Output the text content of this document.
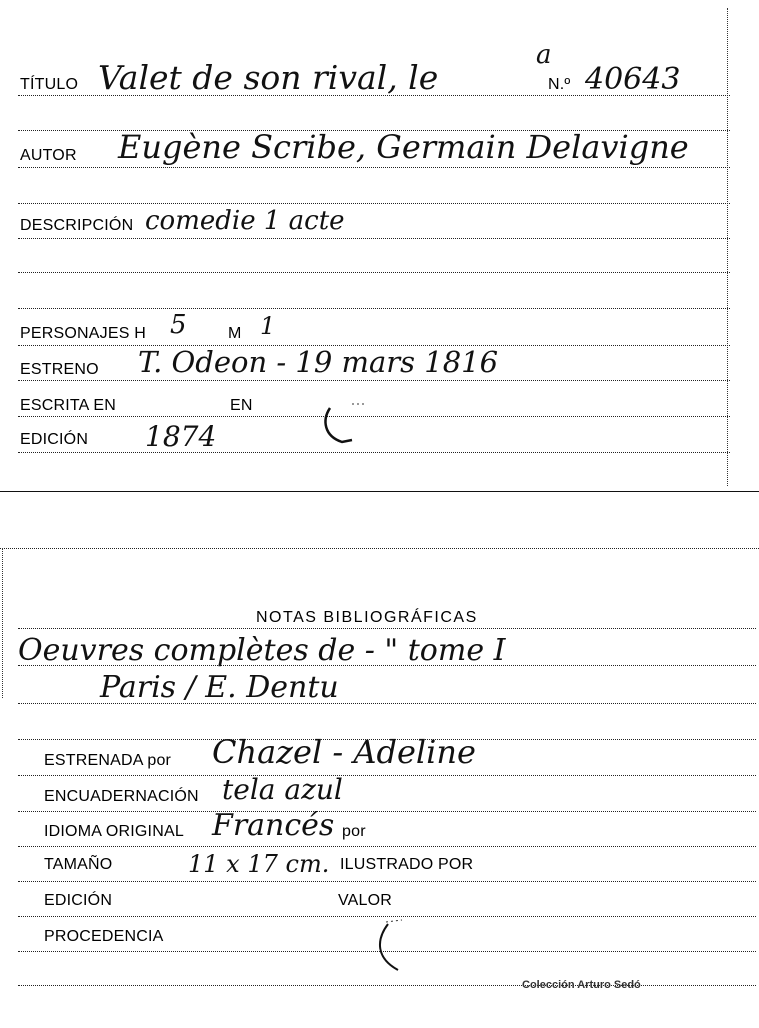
TÍTULO Valet de son rival, le	N.º
a
40643
AUTOR Eugène Scribe, Germain Delavigne
DESCRIPCIÓN comedie 1 acte
PERSONAJES H 5	M 1
ESTRENO T. Odeon - 19 mars 1816
ESCRITA EN	EN
EDICIÓN 1874
NOTAS BIBLIOGRÁFICAS
Oeuvres complètes de - " tome I
Paris / E. Dentu
ESTRENADA por Chazel - Adeline
ENCUADERNACIÓN tela azul
IDIOMA ORIGINAL Francés por
TAMAÑO	11 x 17 cm. ILUSTRADO POR
EDICIÓN	VALOR
PROCEDENCIA
Colección Arturo Sedó
